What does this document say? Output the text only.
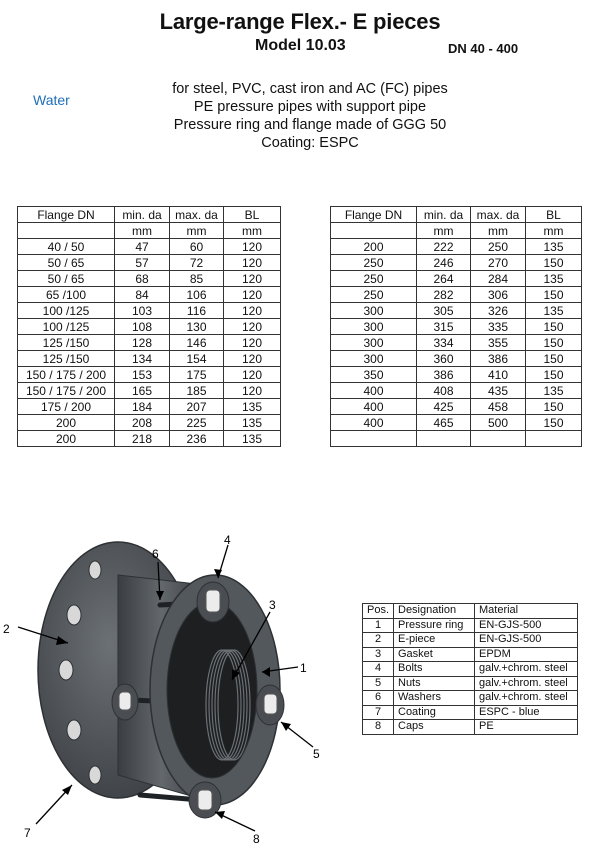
Large-range Flex.- E pieces
Model 10.03	DN 40 - 400
Water
for steel, PVC, cast iron and AC (FC) pipes
PE pressure pipes with support pipe
Pressure ring and flange made of GGG 50
Coating: ESPC
Flange DN	min. da	max. da	BL
	mm	mm	mm
40 / 50	47	60	120
50 / 65	57	72	120
50 / 65	68	85	120
65 /100	84	106	120
100 /125	103	116	120
100 /125	108	130	120
125 /150	128	146	120
125 /150	134	154	120
150 / 175 / 200	153	175	120
150 / 175 / 200	165	185	120
175 / 200	184	207	135
200	208	225	135
200	218	236	135
Flange DN	min. da	max. da	BL
	mm	mm	mm
200	222	250	135
250	246	270	150
250	264	284	135
250	282	306	150
300	305	326	135
300	315	335	150
300	334	355	150
300	360	386	150
350	386	410	150
400	408	435	135
400	425	458	150
400	465	500	150

Pos.	Designation	Material
1	Pressure ring	EN-GJS-500
2	E-piece	EN-GJS-500
3	Gasket	EPDM
4	Bolts	galv.+chrom. steel
5	Nuts	galv.+chrom. steel
6	Washers	galv.+chrom. steel
7	Coating	ESPC - blue
8	Caps	PE
1
2
3
4
5
6
7	8
